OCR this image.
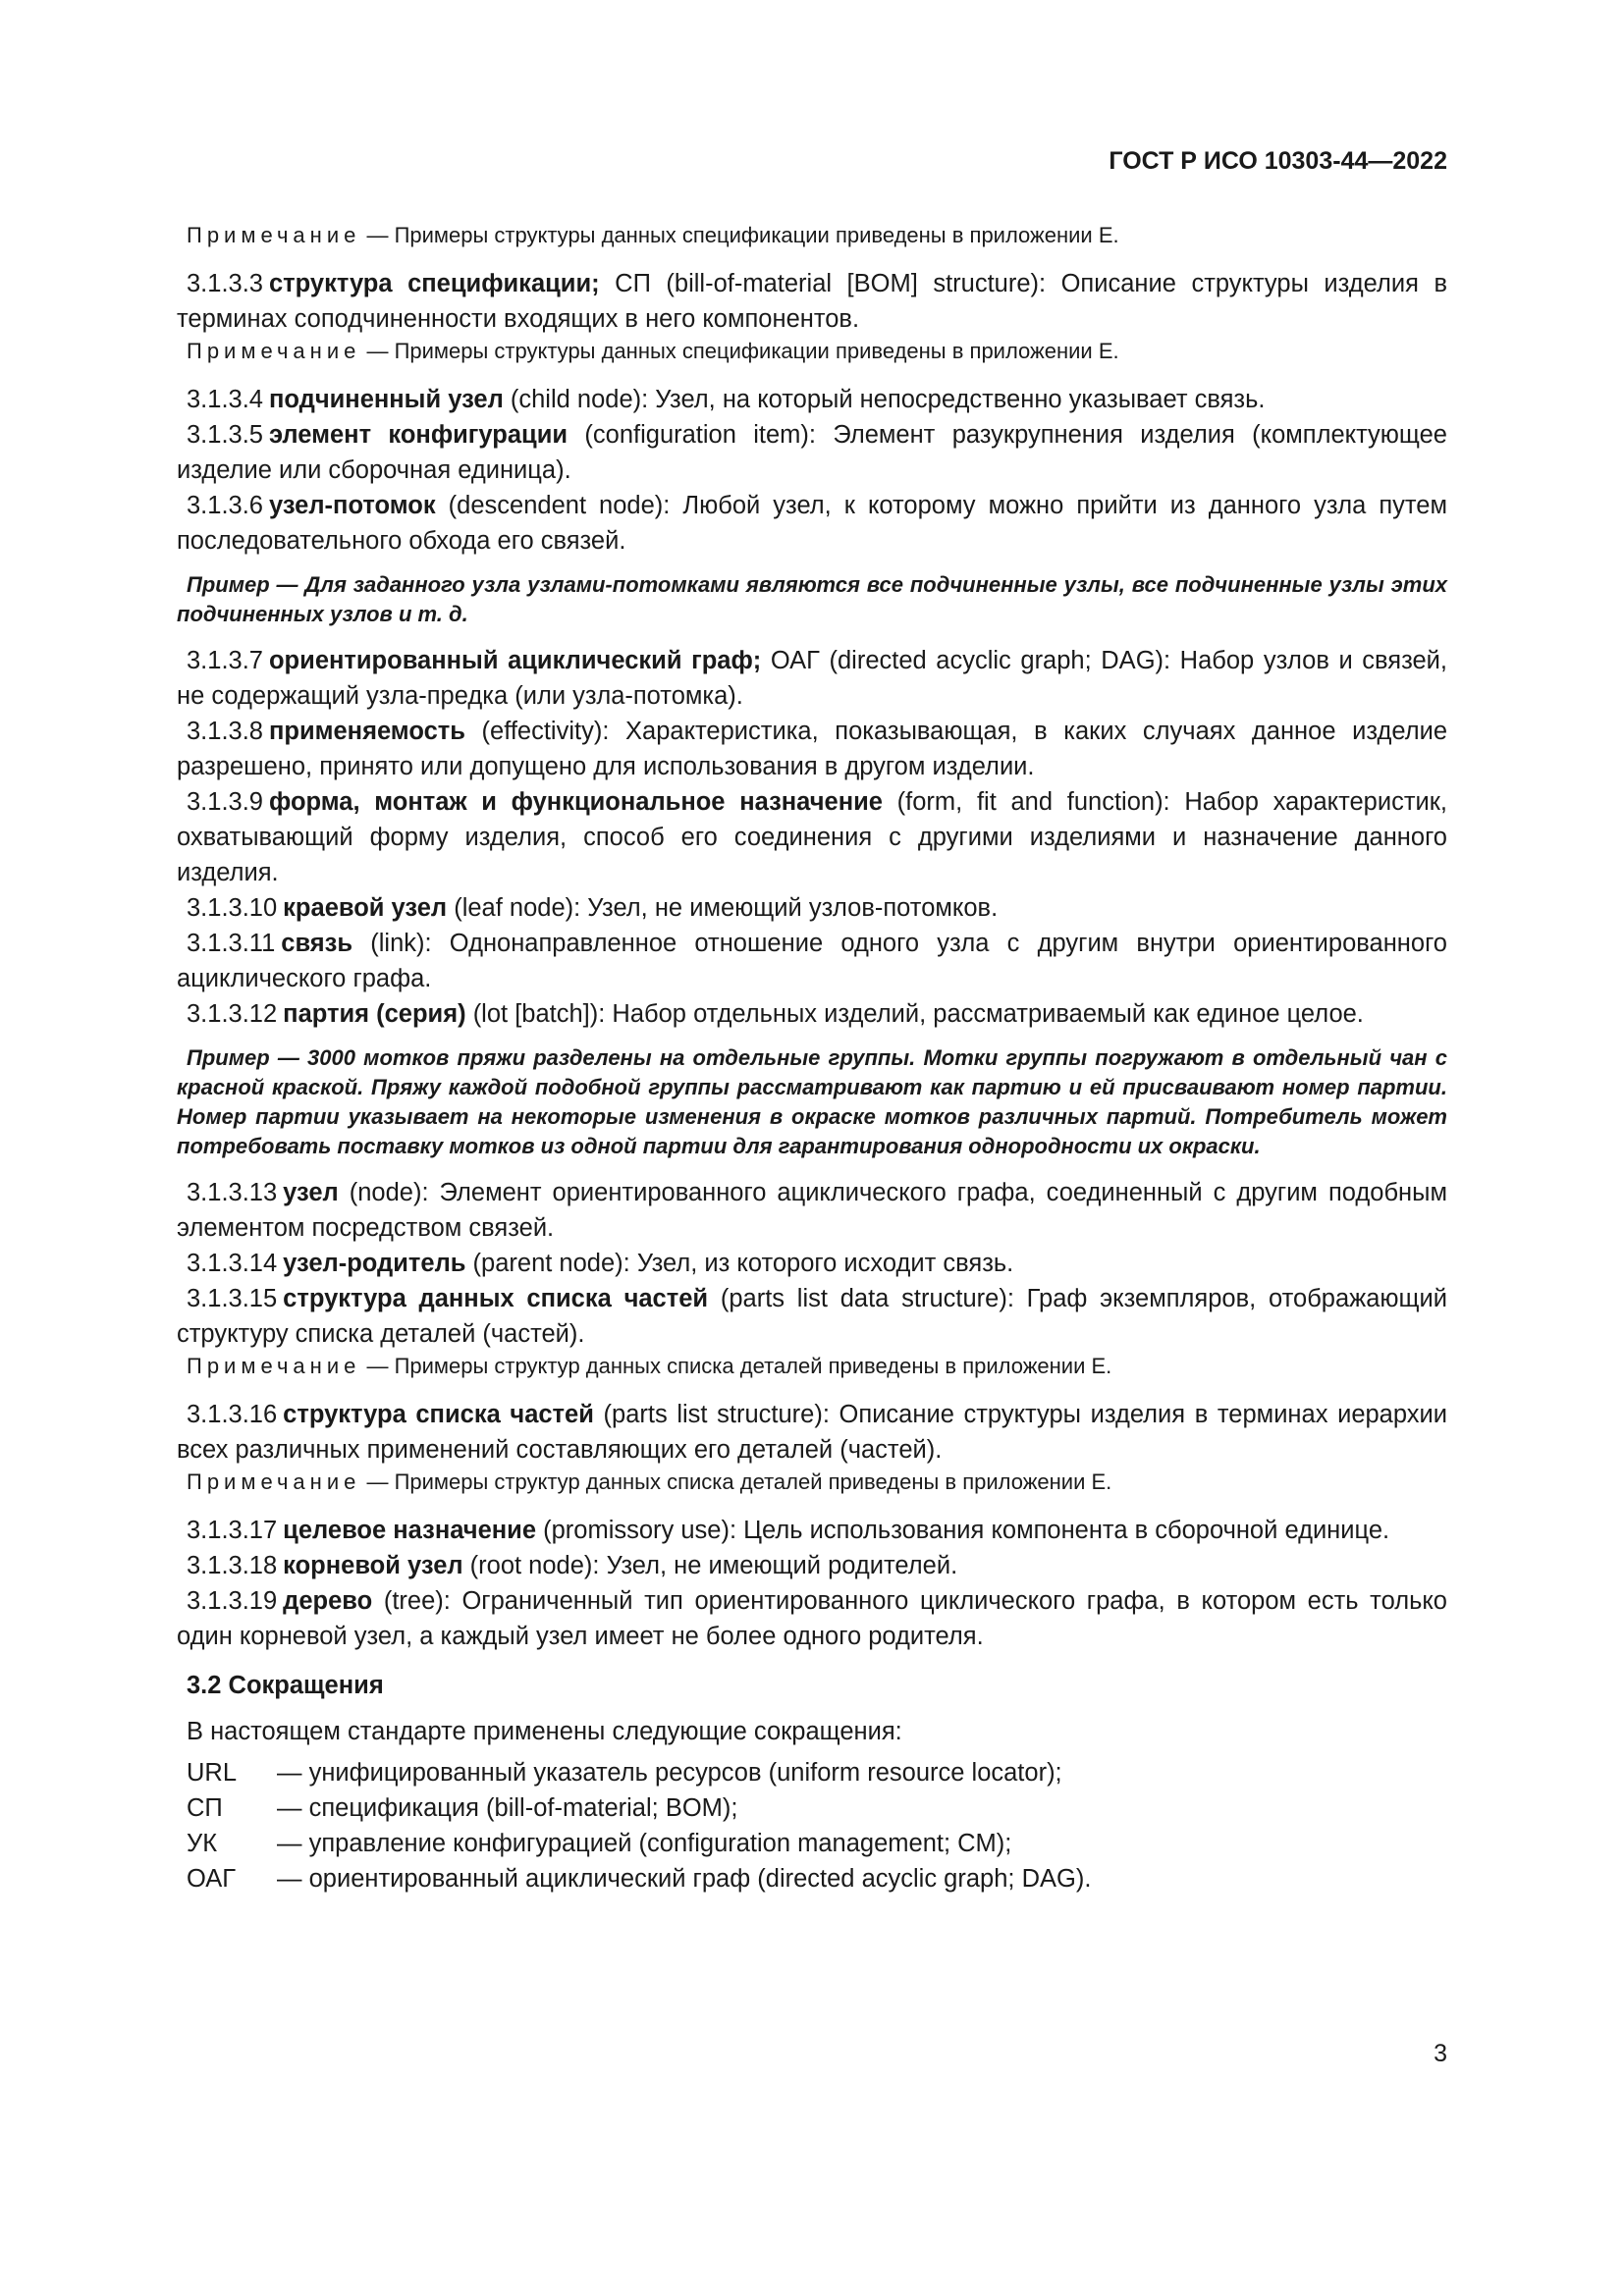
ГОСТ Р ИСО 10303-44—2022
Примечание — Примеры структуры данных спецификации приведены в приложении Е.

3.1.3.3 структура спецификации; СП (bill-of-material [BOM] structure): Описание структуры изделия в терминах соподчиненности входящих в него компонентов.

Примечание — Примеры структуры данных спецификации приведены в приложении Е.

3.1.3.4 подчиненный узел (child node): Узел, на который непосредственно указывает связь.

3.1.3.5 элемент конфигурации (configuration item): Элемент разукрупнения изделия (комплектующее изделие или сборочная единица).

3.1.3.6 узел-потомок (descendent node): Любой узел, к которому можно прийти из данного узла путем последовательного обхода его связей.

Пример — Для заданного узла узлами-потомками являются все подчиненные узлы, все подчиненные узлы этих подчиненных узлов и т. д.

3.1.3.7 ориентированный ациклический граф; ОАГ (directed acyclic graph; DAG): Набор узлов и связей, не содержащий узла-предка (или узла-потомка).

3.1.3.8 применяемость (effectivity): Характеристика, показывающая, в каких случаях данное изделие разрешено, принято или допущено для использования в другом изделии.

3.1.3.9 форма, монтаж и функциональное назначение (form, fit and function): Набор характеристик, охватывающий форму изделия, способ его соединения с другими изделиями и назначение данного изделия.

3.1.3.10 краевой узел (leaf node): Узел, не имеющий узлов-потомков.

3.1.3.11 связь (link): Однонаправленное отношение одного узла с другим внутри ориентированного ациклического графа.

3.1.3.12 партия (серия) (lot [batch]): Набор отдельных изделий, рассматриваемый как единое целое.

Пример — 3000 мотков пряжи разделены на отдельные группы. Мотки группы погружают в отдельный чан с красной краской. Пряжу каждой подобной группы рассматривают как партию и ей присваивают номер партии. Номер партии указывает на некоторые изменения в окраске мотков различных партий. Потребитель может потребовать поставку мотков из одной партии для гарантирования однородности их окраски.

3.1.3.13 узел (node): Элемент ориентированного ациклического графа, соединенный с другим подобным элементом посредством связей.

3.1.3.14 узел-родитель (parent node): Узел, из которого исходит связь.

3.1.3.15 структура данных списка частей (parts list data structure): Граф экземпляров, отображающий структуру списка деталей (частей).

Примечание — Примеры структур данных списка деталей приведены в приложении Е.

3.1.3.16 структура списка частей (parts list structure): Описание структуры изделия в терминах иерархии всех различных применений составляющих его деталей (частей).

Примечание — Примеры структур данных списка деталей приведены в приложении Е.

3.1.3.17 целевое назначение (promissory use): Цель использования компонента в сборочной единице.

3.1.3.18 корневой узел (root node): Узел, не имеющий родителей.

3.1.3.19 дерево (tree): Ограниченный тип ориентированного циклического графа, в котором есть только один корневой узел, а каждый узел имеет не более одного родителя.

3.2 Сокращения
В настоящем стандарте применены следующие сокращения:
URL	— унифицированный указатель ресурсов (uniform resource locator);
СП	— спецификация (bill-of-material; BOM);
УК	— управление конфигурацией (configuration management; CM);
ОАГ	— ориентированный ациклический граф (directed acyclic graph; DAG).
3
